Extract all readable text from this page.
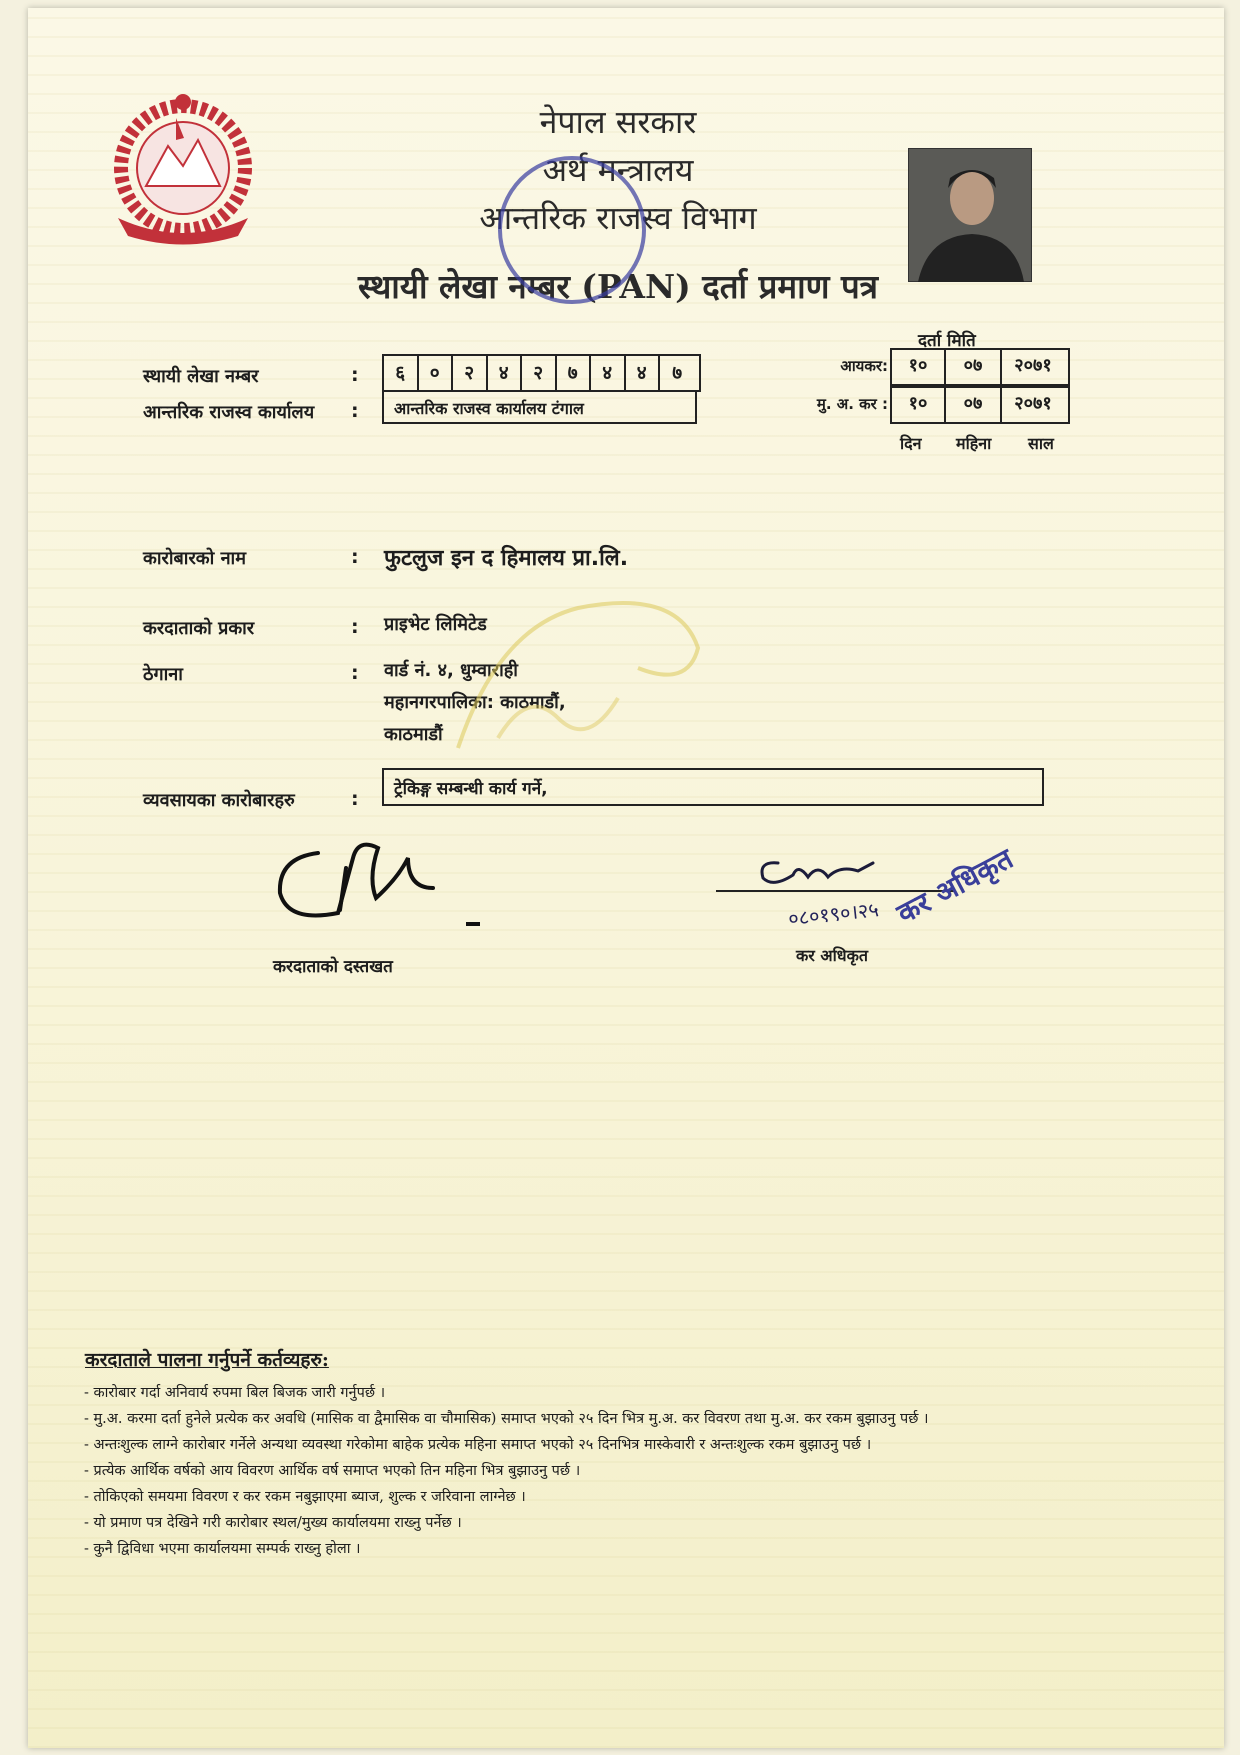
नेपाल सरकार
अर्थ मन्त्रालय
आन्तरिक राजस्व विभाग
स्थायी लेखा नम्बर (PAN) दर्ता प्रमाण पत्र
दर्ता मिति
आयकर:	१० ०७ २०७१
मु. अ. कर :	१० ०७ २०७१
दिन महिना साल
स्थायी लेखा नम्बर	:	६ ० २ ४ २ ७ ४ ४ ७
आन्तरिक राजस्व कार्यालय :	आन्तरिक राजस्व कार्यालय टंगाल
कारोबारको नाम	: फुटलुज इन द हिमालय प्रा.लि.
करदाताको प्रकार	: प्राइभेट लिमिटेड
ठेगाना	: वार्ड नं. ४, धुम्वाराही
महानगरपालिका: काठमाडौं,
काठमाडौं
व्यवसायका कारोबारहरु	:	ट्रेकिङ्ग सम्बन्धी कार्य गर्ने,
करदाताको दस्तखत
०८०१९०।२५
कर अधिकृत
कर अधिकृत
करदाताले पालना गर्नुपर्ने कर्तव्यहरु:
- कारोबार गर्दा अनिवार्य रुपमा बिल बिजक जारी गर्नुपर्छ ।
- मु.अ. करमा दर्ता हुनेले प्रत्येक कर अवधि (मासिक वा द्वैमासिक वा चौमासिक) समाप्त भएको २५ दिन भित्र मु.अ. कर विवरण तथा मु.अ. कर रकम बुझाउनु पर्छ ।
- अन्तःशुल्क लाग्ने कारोबार गर्नेले अन्यथा व्यवस्था गरेकोमा बाहेक प्रत्येक महिना समाप्त भएको २५ दिनभित्र मास्केवारी र अन्तःशुल्क रकम बुझाउनु पर्छ ।
- प्रत्येक आर्थिक वर्षको आय विवरण आर्थिक वर्ष समाप्त भएको तिन महिना भित्र बुझाउनु पर्छ ।
- तोकिएको समयमा विवरण र कर रकम नबुझाएमा ब्याज, शुल्क र जरिवाना लाग्नेछ ।
- यो प्रमाण पत्र देखिने गरी कारोबार स्थल/मुख्य कार्यालयमा राख्नु पर्नेछ ।
- कुनै द्विविधा भएमा कार्यालयमा सम्पर्क राख्नु होला ।
